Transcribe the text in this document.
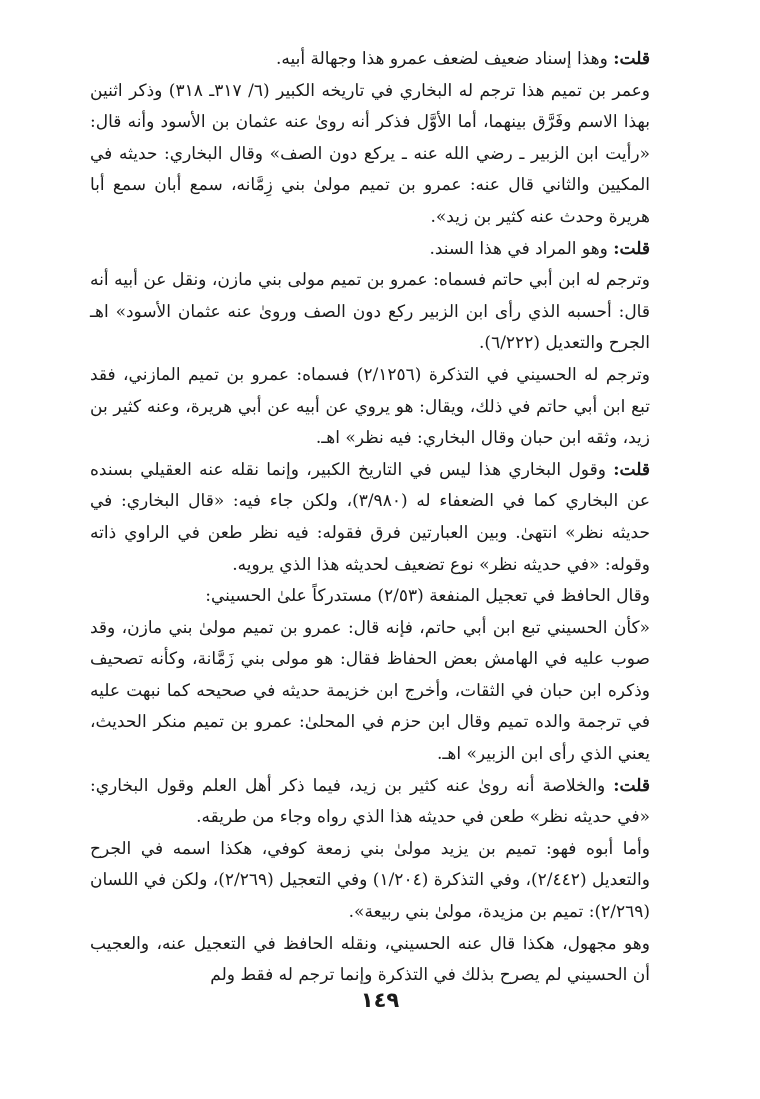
قلت: وهذا إسناد ضعيف لضعف عمرو هذا وجهالة أبيه.

وعمر بن تميم هذا ترجم له البخاري في تاريخه الكبير (٦/ ٣١٧ـ ٣١٨) وذكر اثنين بهذا الاسم وفَرَّق بينهما، أما الأوَّل فذكر أنه روىٰ عنه عثمان بن الأسود وأنه قال: «رأيت ابن الزبير ـ رضي الله عنه ـ يركع دون الصف» وقال البخاري: حديثه في المكيين والثاني قال عنه: عمرو بن تميم مولىٰ بني زِمَّانه، سمع أبان سمع أبا هريرة وحدث عنه كثير بن زيد».

قلت: وهو المراد في هذا السند.

وترجم له ابن أبي حاتم فسماه: عمرو بن تميم مولى بني مازن، ونقل عن أبيه أنه قال: أحسبه الذي رأى ابن الزبير ركع دون الصف وروىٰ عنه عثمان الأسود» اهـ الجرح والتعديل (٦/٢٢٢).

وترجم له الحسيني في التذكرة (٢/١٢٥٦) فسماه: عمرو بن تميم المازني، فقد تبع ابن أبي حاتم في ذلك، ويقال: هو يروي عن أبيه عن أبي هريرة، وعنه كثير بن زيد، وثقه ابن حبان وقال البخاري: فيه نظر» اهـ.

قلت: وقول البخاري هذا ليس في التاريخ الكبير، وإنما نقله عنه العقيلي بسنده عن البخاري كما في الضعفاء له (٣/٩٨٠)، ولكن جاء فيه: «قال البخاري: في حديثه نظر» انتهىٰ. وبين العبارتين فرق فقوله: فيه نظر طعن في الراوي ذاته وقوله: «في حديثه نظر» نوع تضعيف لحديثه هذا الذي يرويه.

وقال الحافظ في تعجيل المنفعة (٢/٥٣) مستدركاً علىٰ الحسيني:

«كأن الحسيني تبع ابن أبي حاتم، فإنه قال: عمرو بن تميم مولىٰ بني مازن، وقد صوب عليه في الهامش بعض الحفاظ فقال: هو مولى بني زَمَّانة، وكأنه تصحيف وذكره ابن حبان في الثقات، وأخرج ابن خزيمة حديثه في صحيحه كما نبهت عليه في ترجمة والده تميم وقال ابن حزم في المحلىٰ: عمرو بن تميم منكر الحديث، يعني الذي رأى ابن الزبير» اهـ.

قلت: والخلاصة أنه روىٰ عنه كثير بن زيد، فيما ذكر أهل العلم وقول البخاري: «في حديثه نظر» طعن في حديثه هذا الذي رواه وجاء من طريقه.

وأما أبوه فهو: تميم بن يزيد مولىٰ بني زمعة كوفي، هكذا اسمه في الجرح والتعديل (٢/٤٤٢)، وفي التذكرة (١/٢٠٤) وفي التعجيل (٢/٢٦٩)، ولكن في اللسان (٢/٢٦٩): تميم بن مزيدة، مولىٰ بني ربيعة».

وهو مجهول، هكذا قال عنه الحسيني، ونقله الحافظ في التعجيل عنه، والعجيب أن الحسيني لم يصرح بذلك في التذكرة وإنما ترجم له فقط ولم

١٤٩
